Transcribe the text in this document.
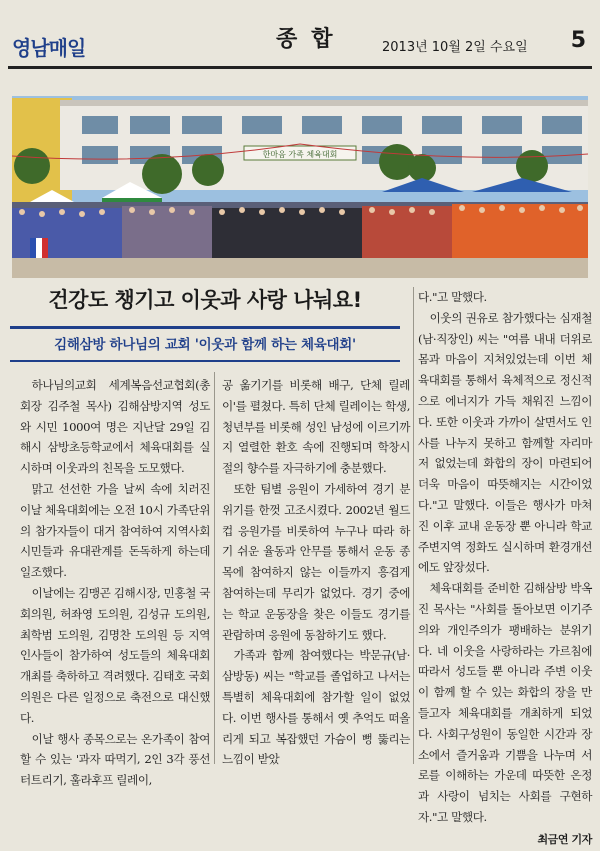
영남매일	종합	2013년 10월 2일 수요일 5
한마음 가족 체육대회
건강도 챙기고 이웃과 사랑 나눠요!
김해삼방 하나님의 교회 '이웃과 함께 하는 체육대회'

하나님의교회 세계복음선교협회(총회장 김주철 목사) 김해삼방지역 성도와 시민 1000여 명은 지난달 29일 김해시 삼방초등학교에서 체육대회를 실시하며 이웃과의 친목을 도모했다.

맑고 선선한 가을 날씨 속에 치러진 이날 체육대회에는 오전 10시 가족단위의 참가자들이 대거 참여하여 지역사회 시민들과 유대관계를 돈독하게 하는데 일조했다.

이날에는 김맹곤 김해시장, 민홍철 국회의원, 허좌영 도의원, 김성규 도의원, 최학범 도의원, 김명찬 도의원 등 지역 인사들이 참가하여 성도들의 체육대회 개최를 축하하고 격려했다. 김태호 국회의원은 다른 일정으로 축전으로 대신했다.

이날 행사 종목으로는 온가족이 참여할 수 있는 '과자 따먹기, 2인 3각 풍선 터트리기, 훌라후프 릴레이,

공 옮기기를 비롯해 배구, 단체 릴레이'를 펼쳤다. 특히 단체 릴레이는 학생, 청년부를 비롯해 성인 남성에 이르기까지 열렬한 환호 속에 진행되며 학창시절의 향수를 자극하기에 충분했다.

또한 팀별 응원이 가세하여 경기 분위기를 한껏 고조시켰다. 2002년 월드컵 응원가를 비롯하여 누구나 따라 하기 쉬운 율동과 안무를 통해서 운동 종목에 참여하지 않는 이들까지 흥겹게 참여하는데 무리가 없었다. 경기 중에는 학교 운동장을 찾은 이들도 경기를 관람하며 응원에 동참하기도 했다.

가족과 함께 참여했다는 박문규(남·삼방동) 씨는 "학교를 졸업하고 나서는 특별히 체육대회에 참가할 일이 없었다. 이번 행사를 통해서 옛 추억도 떠올리게 되고 복잡했던 가슴이 뻥 뚫리는 느낌이 받았

다."고 말했다.

이웃의 권유로 참가했다는 심재철(남·직장인) 씨는 "여름 내내 더위로 몸과 마음이 지쳐있었는데 이번 체육대회를 통해서 육체적으로 정신적으로 에너지가 가득 채워진 느낌이다. 또한 이웃과 가까이 살면서도 인사를 나누지 못하고 함께할 자리마저 없었는데 화합의 장이 마련되어 더욱 마음이 따뜻해지는 시간이었다."고 말했다. 이들은 행사가 마쳐진 이후 교내 운동장 뿐 아니라 학교주변지역 정화도 실시하며 환경개선에도 앞장섰다.

체육대회를 준비한 김해삼방 박옥진 목사는 "사회를 돌아보면 이기주의와 개인주의가 팽배하는 분위기다. 네 이웃을 사랑하라는 가르침에 따라서 성도들 뿐 아니라 주변 이웃이 함께 할 수 있는 화합의 장을 만들고자 체육대회를 개최하게 되었다. 사회구성원이 동일한 시간과 장소에서 즐거움과 기쁨을 나누며 서로를 이해하는 가운데 따뜻한 온정과 사랑이 넘치는 사회를 구현하자."고 말했다.

최금연 기자
